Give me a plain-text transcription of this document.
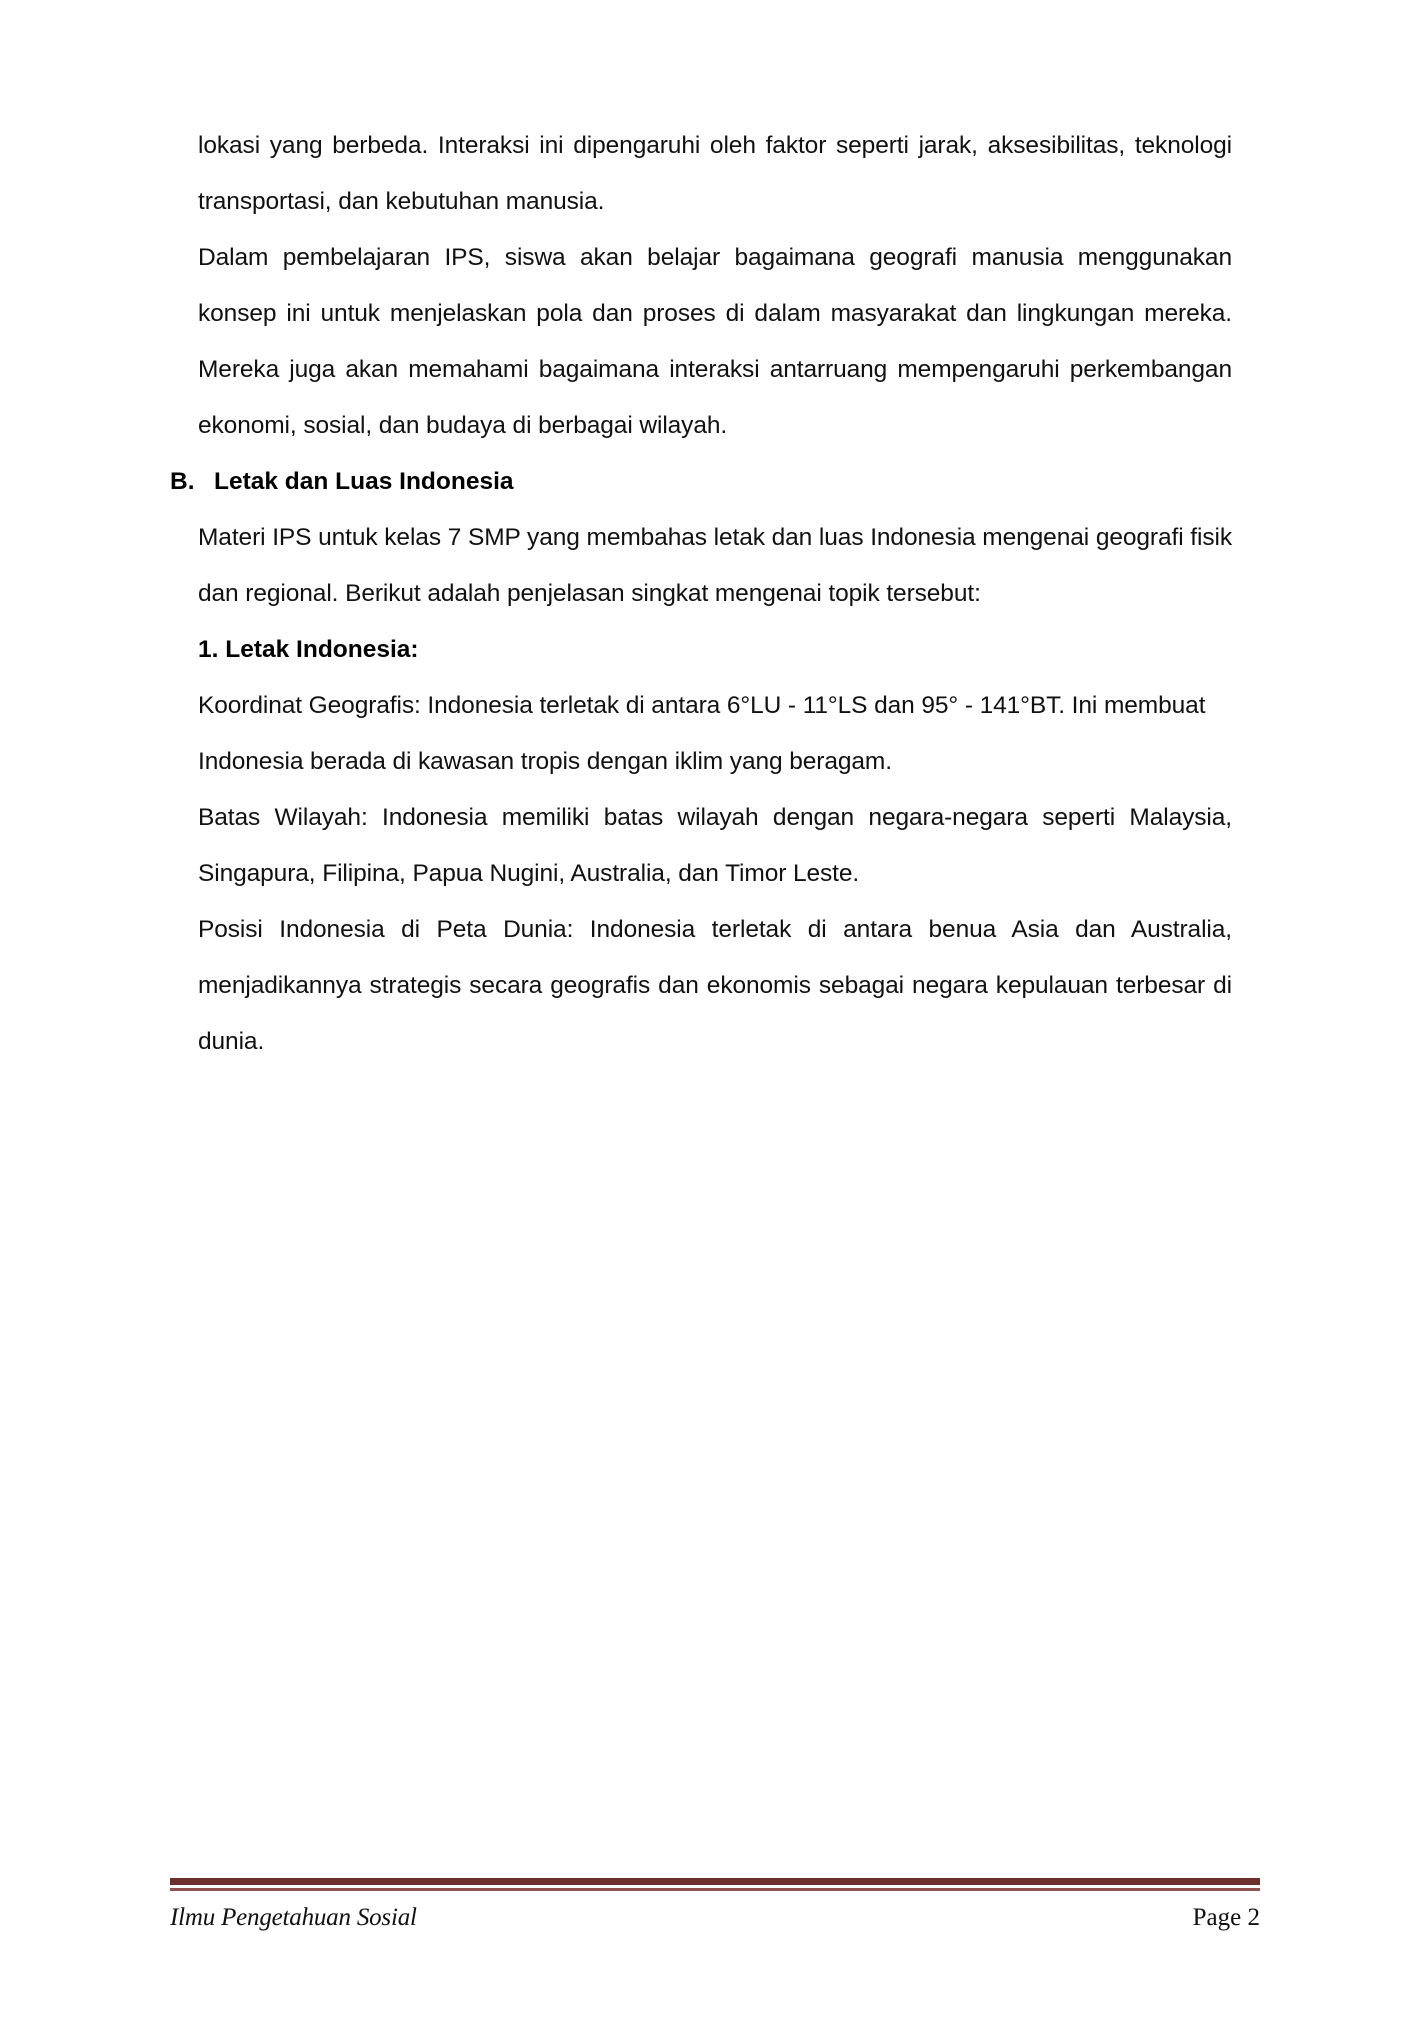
lokasi yang berbeda. Interaksi ini dipengaruhi oleh faktor seperti jarak, aksesibilitas, teknologi transportasi, dan kebutuhan manusia.

Dalam pembelajaran IPS, siswa akan belajar bagaimana geografi manusia menggunakan konsep ini untuk menjelaskan pola dan proses di dalam masyarakat dan lingkungan mereka. Mereka juga akan memahami bagaimana interaksi antarruang mempengaruhi perkembangan ekonomi, sosial, dan budaya di berbagai wilayah.

B. Letak dan Luas Indonesia

Materi IPS untuk kelas 7 SMP yang membahas letak dan luas Indonesia mengenai geografi fisik dan regional. Berikut adalah penjelasan singkat mengenai topik tersebut:

1. Letak Indonesia:

Koordinat Geografis: Indonesia terletak di antara 6°LU - 11°LS dan 95° - 141°BT. Ini membuat Indonesia berada di kawasan tropis dengan iklim yang beragam.

Batas Wilayah: Indonesia memiliki batas wilayah dengan negara-negara seperti Malaysia, Singapura, Filipina, Papua Nugini, Australia, dan Timor Leste.

Posisi Indonesia di Peta Dunia: Indonesia terletak di antara benua Asia dan Australia, menjadikannya strategis secara geografis dan ekonomis sebagai negara kepulauan terbesar di dunia.

Ilmu Pengetahuan Sosial	Page 2
